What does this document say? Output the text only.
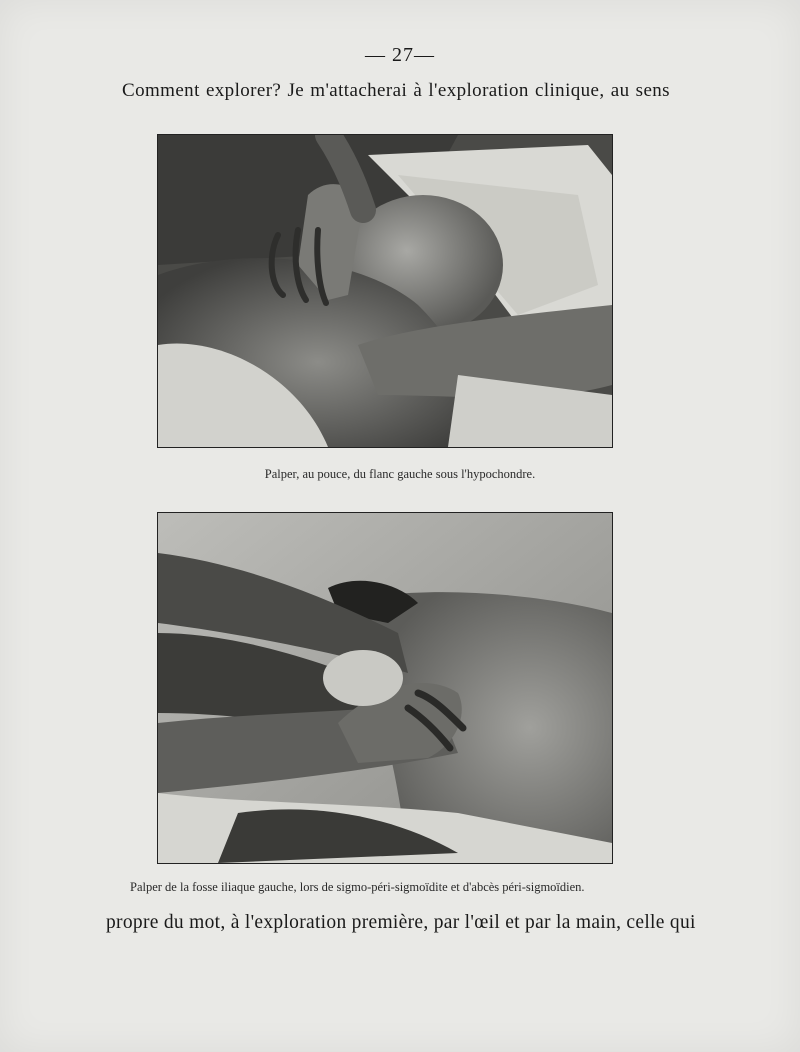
— 27—
Comment explorer? Je m'attacherai à l'exploration clinique, au sens
Palper, au pouce, du flanc gauche sous l'hypochondre.
Palper de la fosse iliaque gauche, lors de sigmo-péri-sigmoïdite et d'abcès péri-sigmoïdien.
propre du mot, à l'exploration première, par l'œil et par la main, celle qui
